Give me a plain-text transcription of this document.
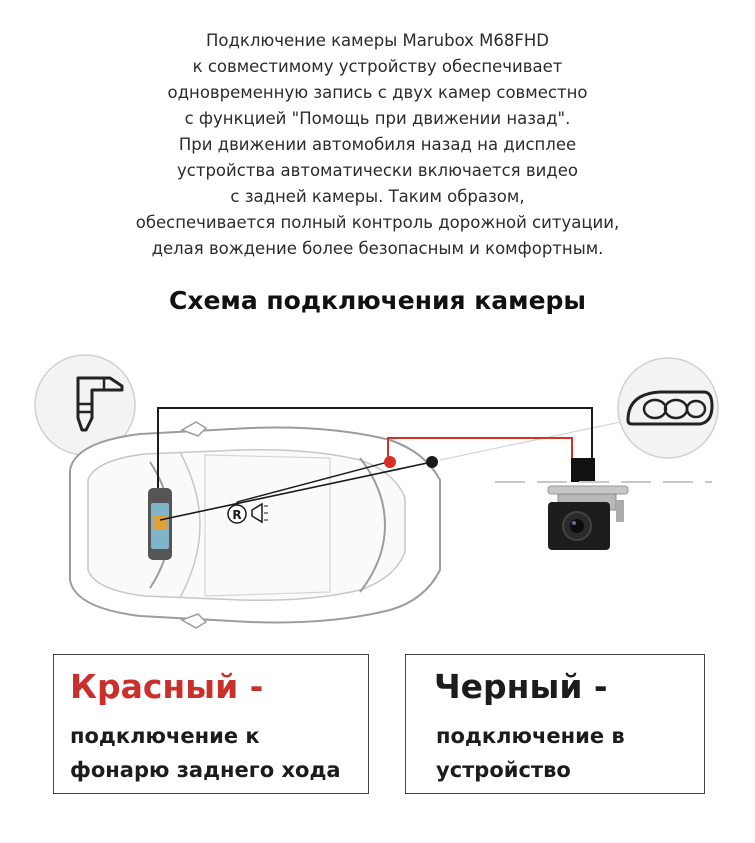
Подключение камеры Marubox M68FHD
к совместимому устройству обеспечивает
одновременную запись с двух камер совместно
с функцией "Помощь при движении назад".
При движении автомобиля назад на дисплее
устройства автоматически включается видео
с задней камеры. Таким образом,
обеспечивается полный контроль дорожной ситуации,
делая вождение более безопасным и комфортным.
Схема подключения камеры
R
Красный -
подключение к
фонарю заднего хода
Черный -
подключение в
устройство
